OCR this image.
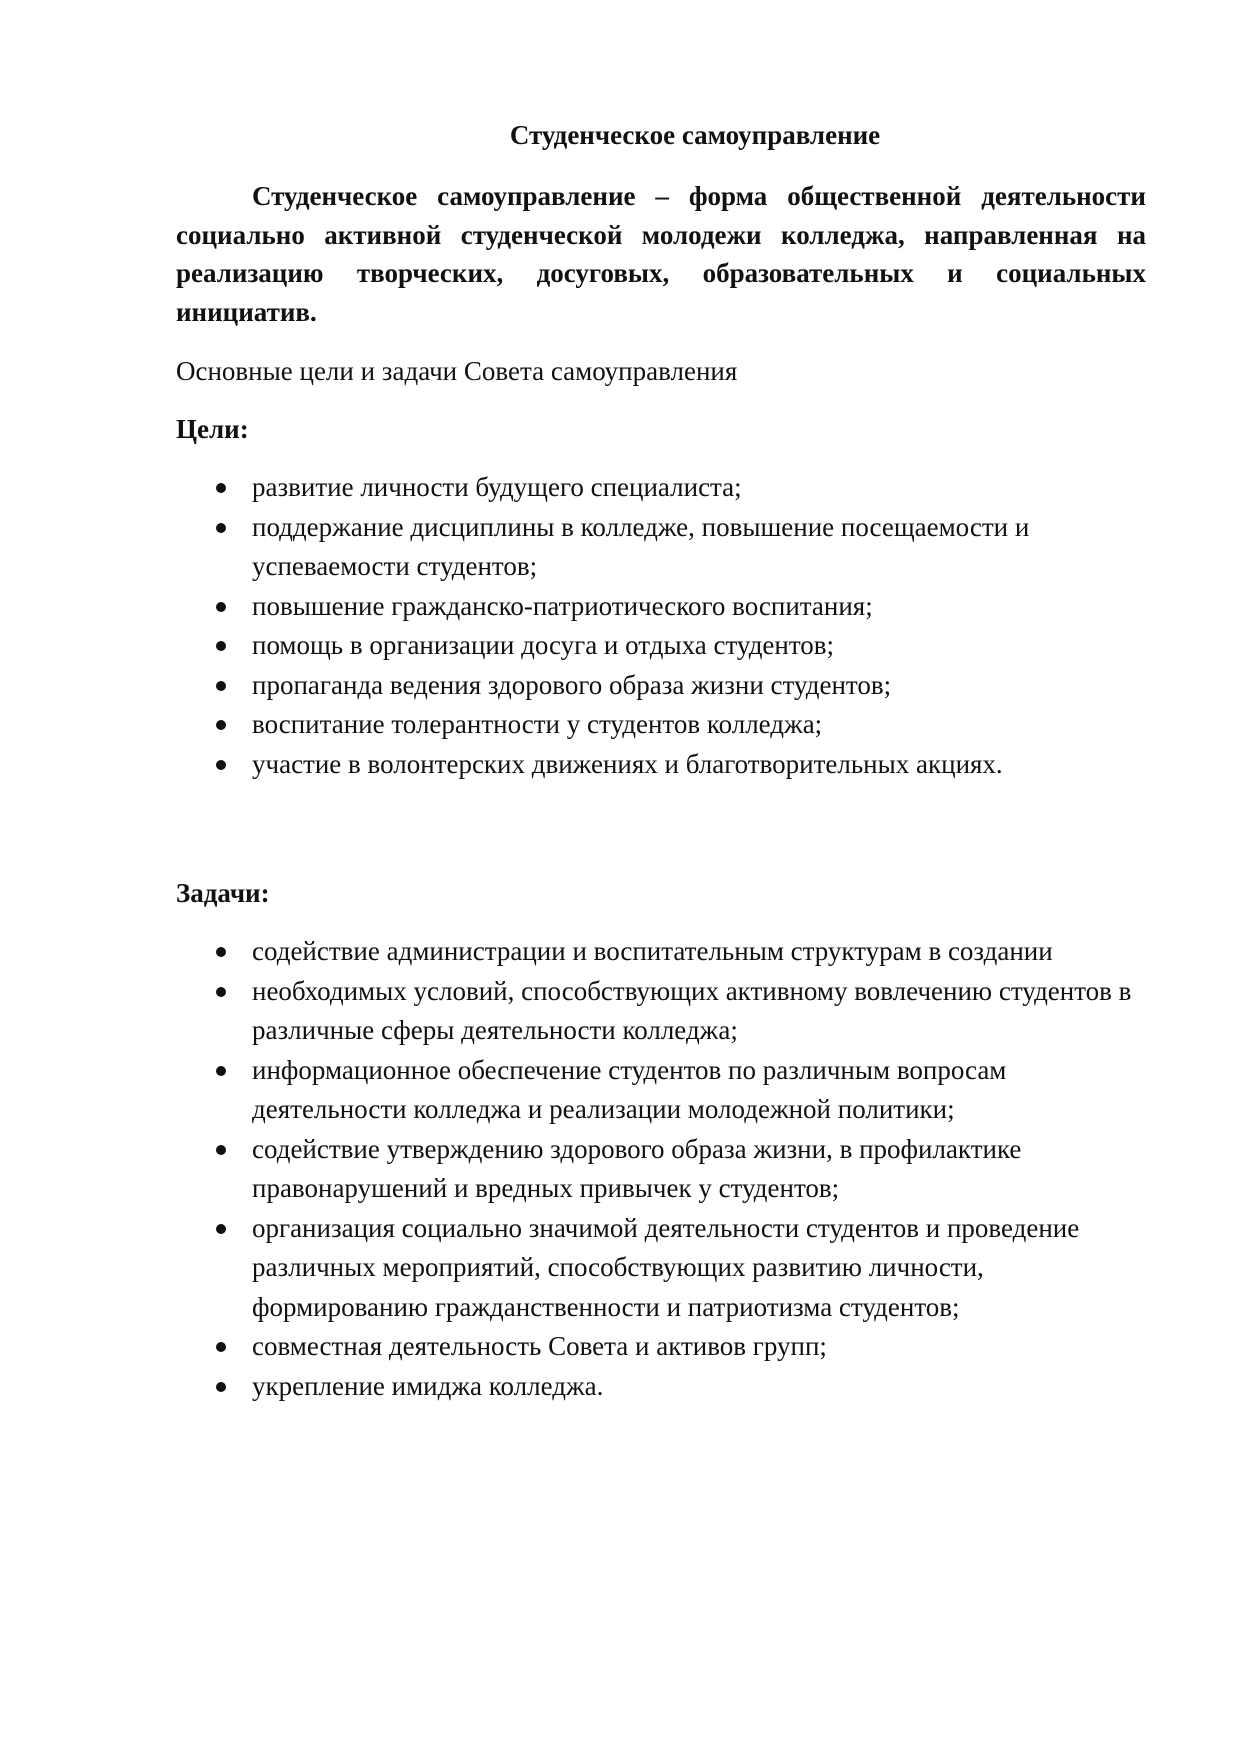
Студенческое самоуправление

Студенческое самоуправление – форма общественной деятельности социально активной студенческой молодежи колледжа, направленная на реализацию творческих, досуговых, образовательных и социальных инициатив.

Основные цели и задачи Совета самоуправления
Цели:
развитие личности будущего специалиста;
поддержание дисциплины в колледже, повышение посещаемости и успеваемости студентов;
повышение гражданско-патриотического воспитания;
помощь в организации досуга и отдыха студентов;
пропаганда ведения здорового образа жизни студентов;
воспитание толерантности у студентов колледжа;
участие в волонтерских движениях и благотворительных акциях.
Задачи:
содействие администрации и воспитательным структурам в создании
необходимых условий, способствующих активному вовлечению студентов в различные сферы деятельности колледжа;
информационное обеспечение студентов по различным вопросам деятельности колледжа и реализации молодежной политики;
содействие утверждению здорового образа жизни, в профилактике правонарушений и вредных привычек у студентов;
организация социально значимой деятельности студентов и проведение различных мероприятий, способствующих развитию личности, формированию гражданственности и патриотизма студентов;
совместная деятельность Совета и активов групп;
укрепление имиджа колледжа.
